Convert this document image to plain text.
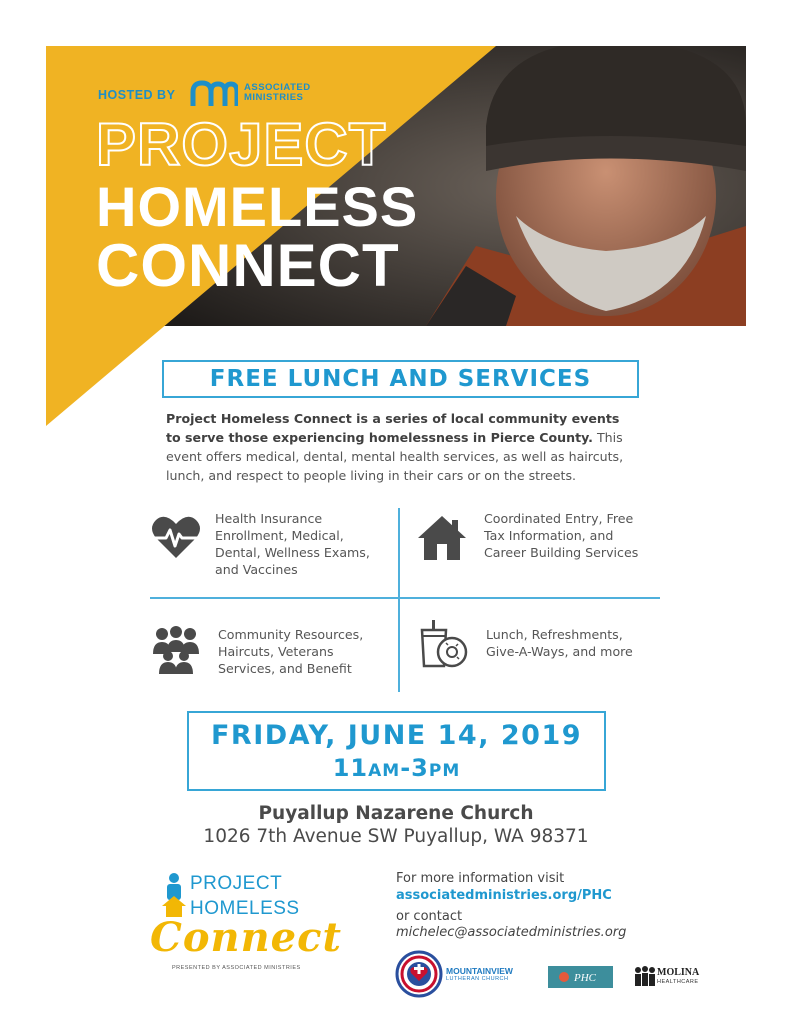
HOSTED BY
ASSOCIATED
MINISTRIES
PROJECT
HOMELESS
CONNECT
FREE LUNCH AND SERVICES
Project Homeless Connect is a series of local community events to serve those experiencing homelessness in Pierce County. This event offers medical, dental, mental health services, as well as haircuts, lunch, and respect to people living in their cars or on the streets.
Health Insurance
Enrollment, Medical,
Dental, Wellness Exams,
and Vaccines
Coordinated Entry, Free
Tax Information, and
Career Building Services
Community Resources,
Haircuts, Veterans
Services, and Benefit
Lunch, Refreshments,
Give-A-Ways, and more
FRIDAY, JUNE 14, 2019
11AM-3PM
Puyallup Nazarene Church
1026 7th Avenue SW Puyallup, WA 98371
PROJECT
HOMELESS
Connect
PRESENTED BY ASSOCIATED MINISTRIES
For more information visit
associatedministries.org/PHC
or contact
michelec@associatedministries.org
MOUNTAINVIEW
LUTHERAN CHURCH	PHC	MOLINA
HEALTHCARE
